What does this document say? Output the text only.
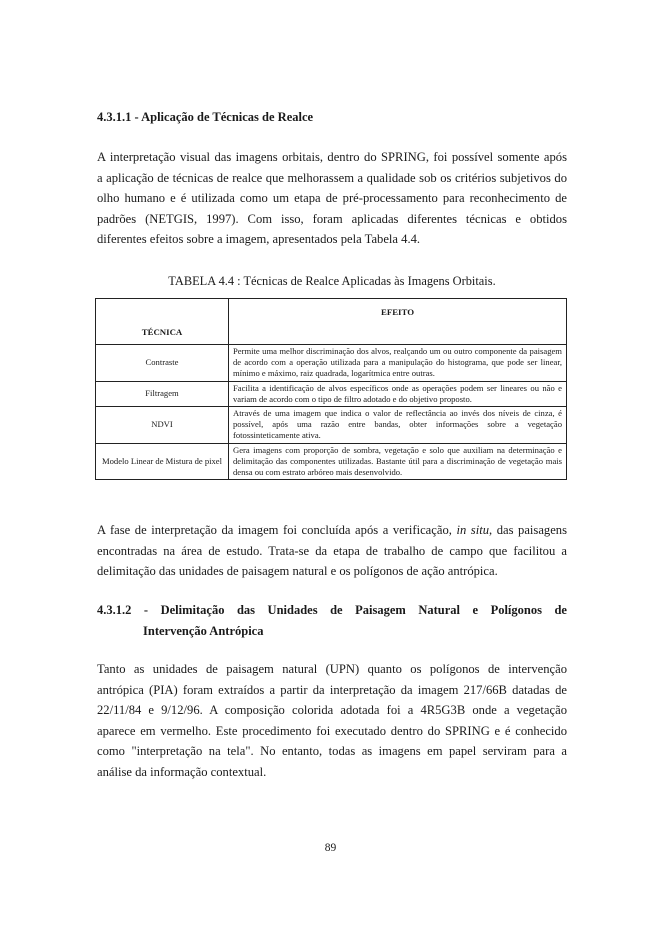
4.3.1.1 - Aplicação de Técnicas de Realce
A interpretação visual das imagens orbitais, dentro do SPRING, foi possível somente após
a aplicação de técnicas de realce que melhorassem a qualidade sob os critérios subjetivos do
olho humano e é utilizada como um etapa de pré-processamento para reconhecimento de
padrões (NETGIS, 1997). Com isso, foram aplicadas diferentes técnicas e obtidos
diferentes efeitos sobre a imagem, apresentados pela Tabela 4.4.
TABELA 4.4 : Técnicas de Realce Aplicadas às Imagens Orbitais.
TÉCNICA	EFEITO
Contraste	Permite uma melhor discriminação dos alvos, realçando um ou outro componente da paisagem de acordo com a operação utilizada para a manipulação do histograma, que pode ser linear, mínimo e máximo, raiz quadrada, logarítmica entre outras.
Filtragem	Facilita a identificação de alvos específicos onde as operações podem ser lineares ou não e variam de acordo com o tipo de filtro adotado e do objetivo proposto.
NDVI	Através de uma imagem que indica o valor de reflectância ao invés dos níveis de cinza, é possível, após uma razão entre bandas, obter informações sobre a vegetação fotossinteticamente ativa.
Modelo Linear de Mistura de pixel	Gera imagens com proporção de sombra, vegetação e solo que auxiliam na determinação e delimitação das componentes utilizadas. Bastante útil para a discriminação de vegetação mais densa ou com estrato arbóreo mais desenvolvido.
A fase de interpretação da imagem foi concluída após a verificação, in situ, das paisagens
encontradas na área de estudo. Trata-se da etapa de trabalho de campo que facilitou a
delimitação das unidades de paisagem natural e os polígonos de ação antrópica.
4.3.1.2 - Delimitação das Unidades de Paisagem Natural e Polígonos de
Intervenção Antrópica
Tanto as unidades de paisagem natural (UPN) quanto os polígonos de intervenção
antrópica (PIA) foram extraídos a partir da interpretação da imagem 217/66B datadas de
22/11/84 e 9/12/96. A composição colorida adotada foi a 4R5G3B onde a vegetação
aparece em vermelho. Este procedimento foi executado dentro do SPRING e é conhecido
como "interpretação na tela". No entanto, todas as imagens em papel serviram para a
análise da informação contextual.
89
